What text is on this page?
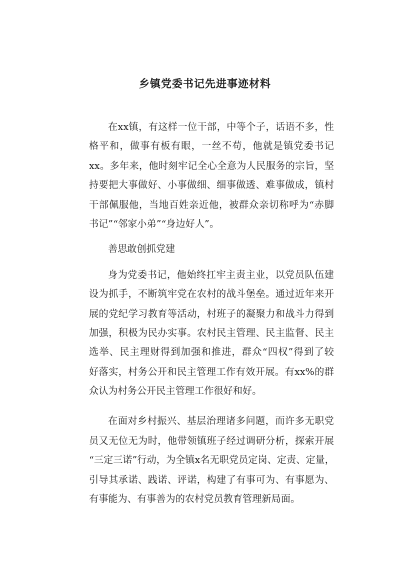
乡镇党委书记先进事迹材料
在xx镇，有这样一位干部，中等个子，话语不多，性
格平和，做事有板有眼，一丝不苟，他就是镇党委书记
xx。多年来，他时刻牢记全心全意为人民服务的宗旨，坚
持要把大事做好、小事做细、细事做透、难事做成，镇村
干部佩服他，当地百姓亲近他，被群众亲切称呼为“赤脚
书记”“邻家小弟”“身边好人”。
善思敢创抓党建
身为党委书记，他始终扛牢主责主业，以党员队伍建
设为抓手，不断筑牢党在农村的战斗堡垒。通过近年来开
展的党纪学习教育等活动，村班子的凝聚力和战斗力得到
加强，积极为民办实事。农村民主管理、民主监督、民主
选举、民主理财得到加强和推进，群众“四权”得到了较
好落实，村务公开和民主管理工作有效开展。有xx%的群
众认为村务公开民主管理工作很好和好。
在面对乡村振兴、基层治理诸多问题，而许多无职党
员又无位无为时，他带领镇班子经过调研分析，探索开展
“三定三诺”行动，为全镇x名无职党员定岗、定责、定量，
引导其承诺、践诺、评诺，构建了有事可为、有事愿为、
有事能为、有事善为的农村党员教育管理新局面。
